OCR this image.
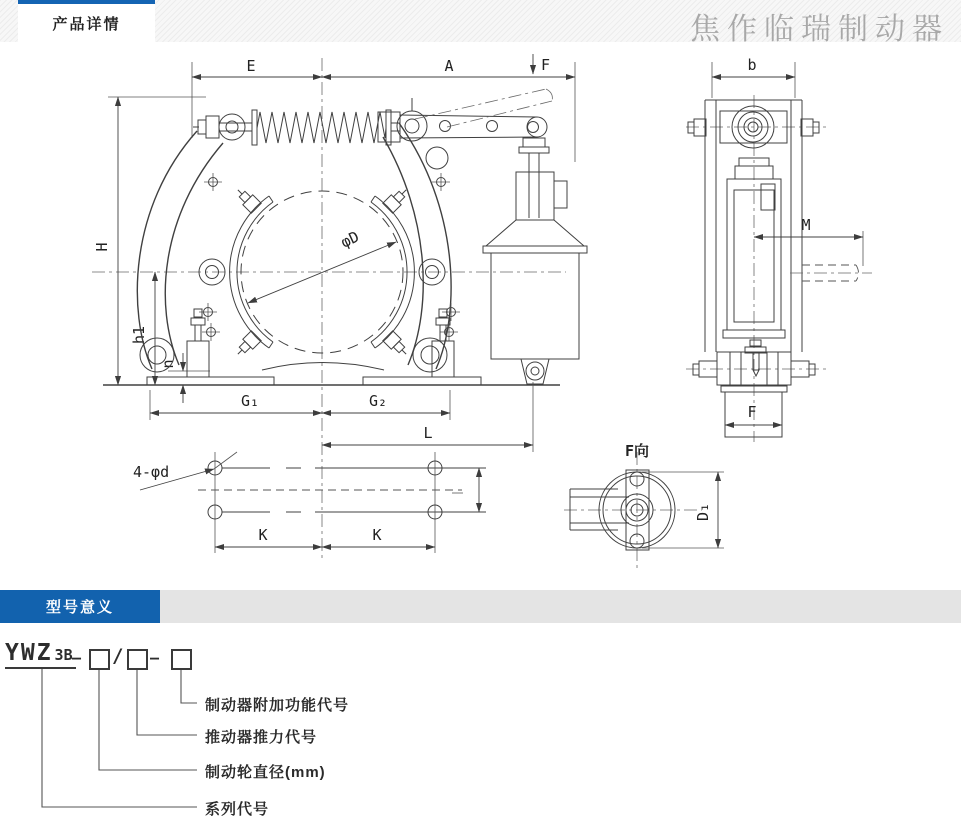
产品详情	焦作临瑞制动器
E	A	F
H
h1
n
G₁	G₂
L
φD
K	K
4-φd
b
M
F
F向
D₁
型号意义
YWZ 3B — / —
制动器附加功能代号
推动器推力代号
制动轮直径(mm)
系列代号
